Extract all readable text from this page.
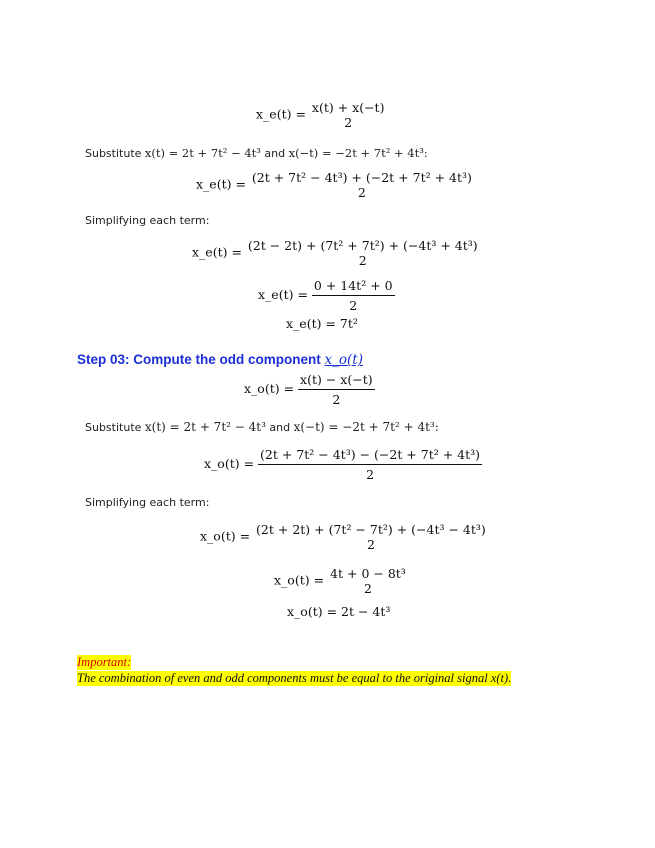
x_e(t) = x(t) + x(−t)
2
Substitute x(t) = 2t + 7t² − 4t³ and x(−t) = −2t + 7t² + 4t³:
x_e(t) = (2t + 7t² − 4t³) + (−2t + 7t² + 4t³)
2
Simplifying each term:
x_e(t) = (2t − 2t) + (7t² + 7t²) + (−4t³ + 4t³)
2
x_e(t) = $\frac{\text{0 + 14t² + 0}}{2}$
x_e(t) = 7t²
Step 03: Compute the odd component x_o(t)
x_o(t) = $\frac{x(t) - x(-t)}{2}$
Substitute x(t) = 2t + 7t² − 4t³ and x(−t) = −2t + 7t² + 4t³:
x_o(t) = $\frac{\text{(2t + 7t² − 4t³) − (−2t + 7t² + 4t³)}}{2}$
Simplifying each term:
x_o(t) = (2t + 2t) + (7t² − 7t²) + (−4t³ − 4t³)
2
x_o(t) = 4t + 0 − 8t³
2
x_o(t) = 2t − 4t³
Important:
The combination of even and odd components must be equal to the original signal x(t).
